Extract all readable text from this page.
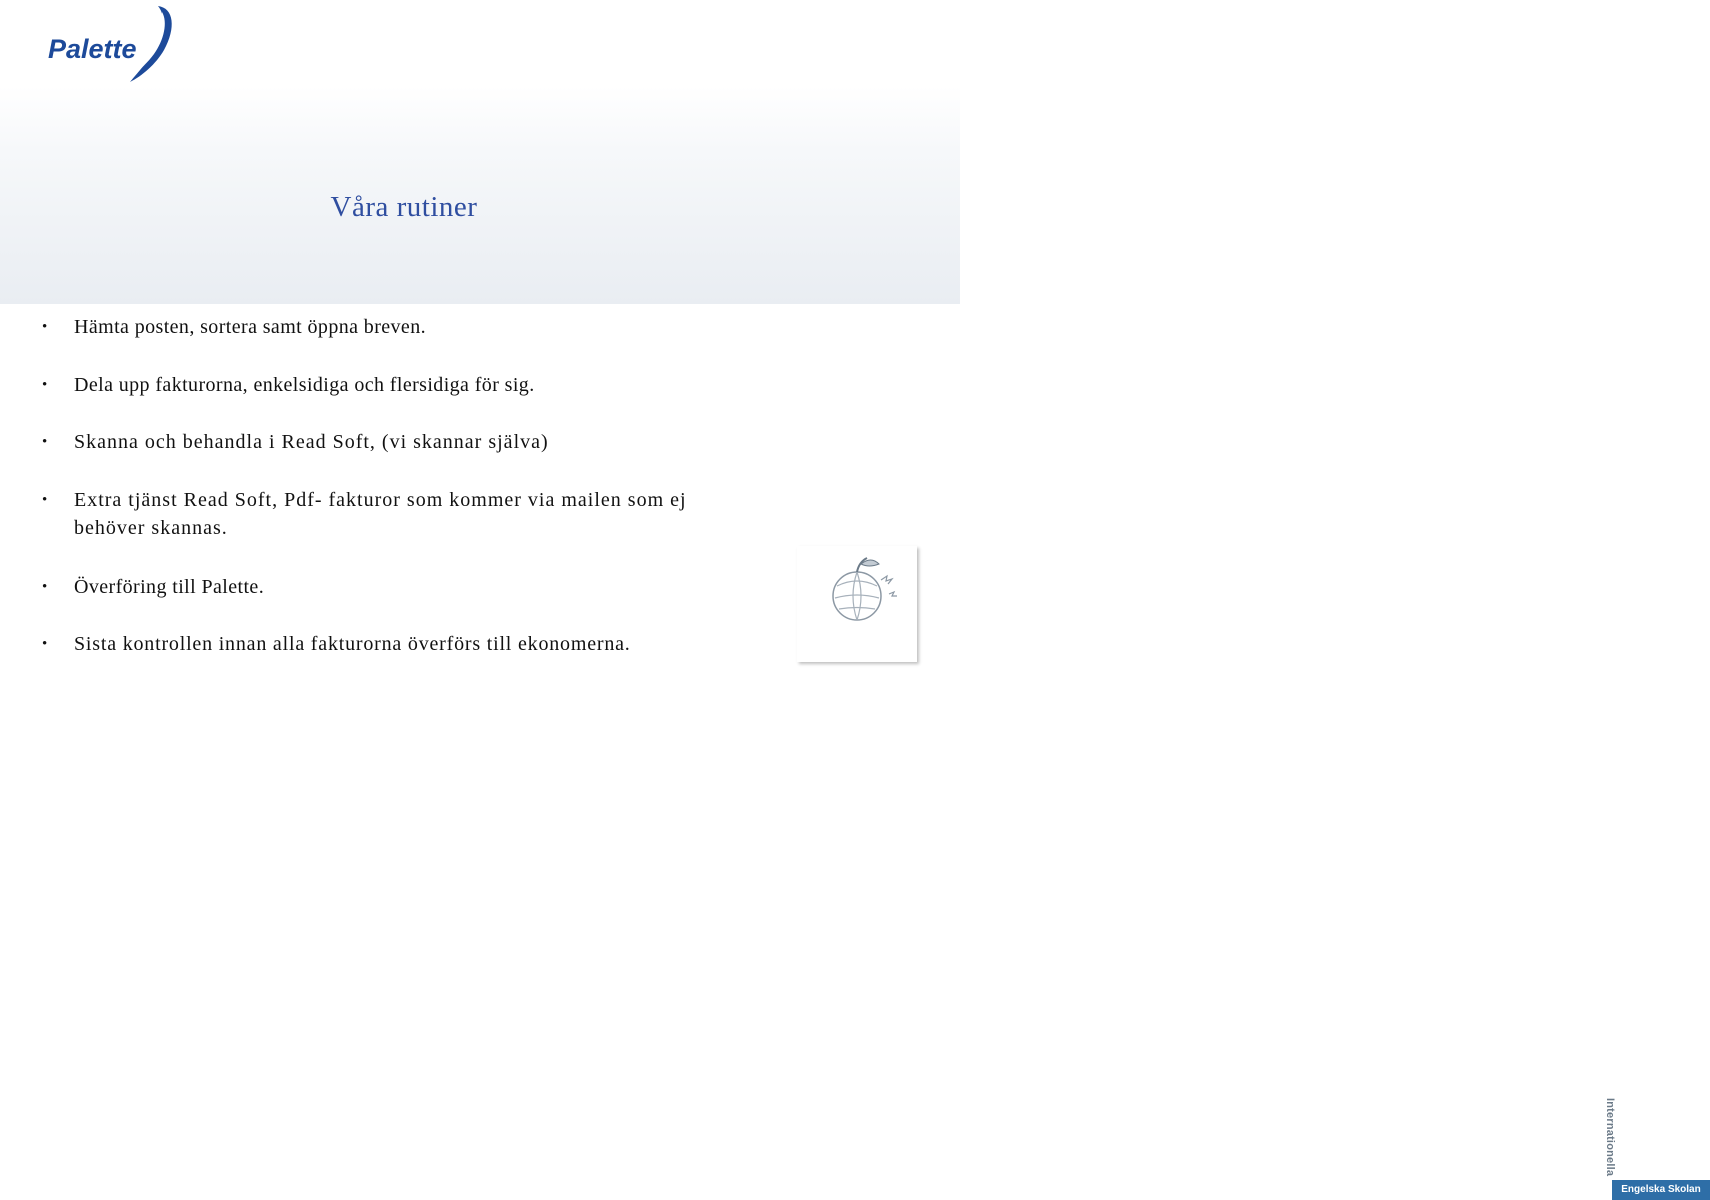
Palette
Våra rutiner
• Hämta posten, sortera samt öppna breven.
• Dela upp fakturorna, enkelsidiga och flersidiga för sig.
• Skanna och behandla i Read Soft, (vi skannar själva)
• Extra tjänst Read Soft, Pdf- fakturor som kommer via mailen som ej behöver skannas.
• Överföring till Palette.
• Sista kontrollen innan alla fakturorna överförs till ekonomerna.
Internationella
Engelska Skolan
